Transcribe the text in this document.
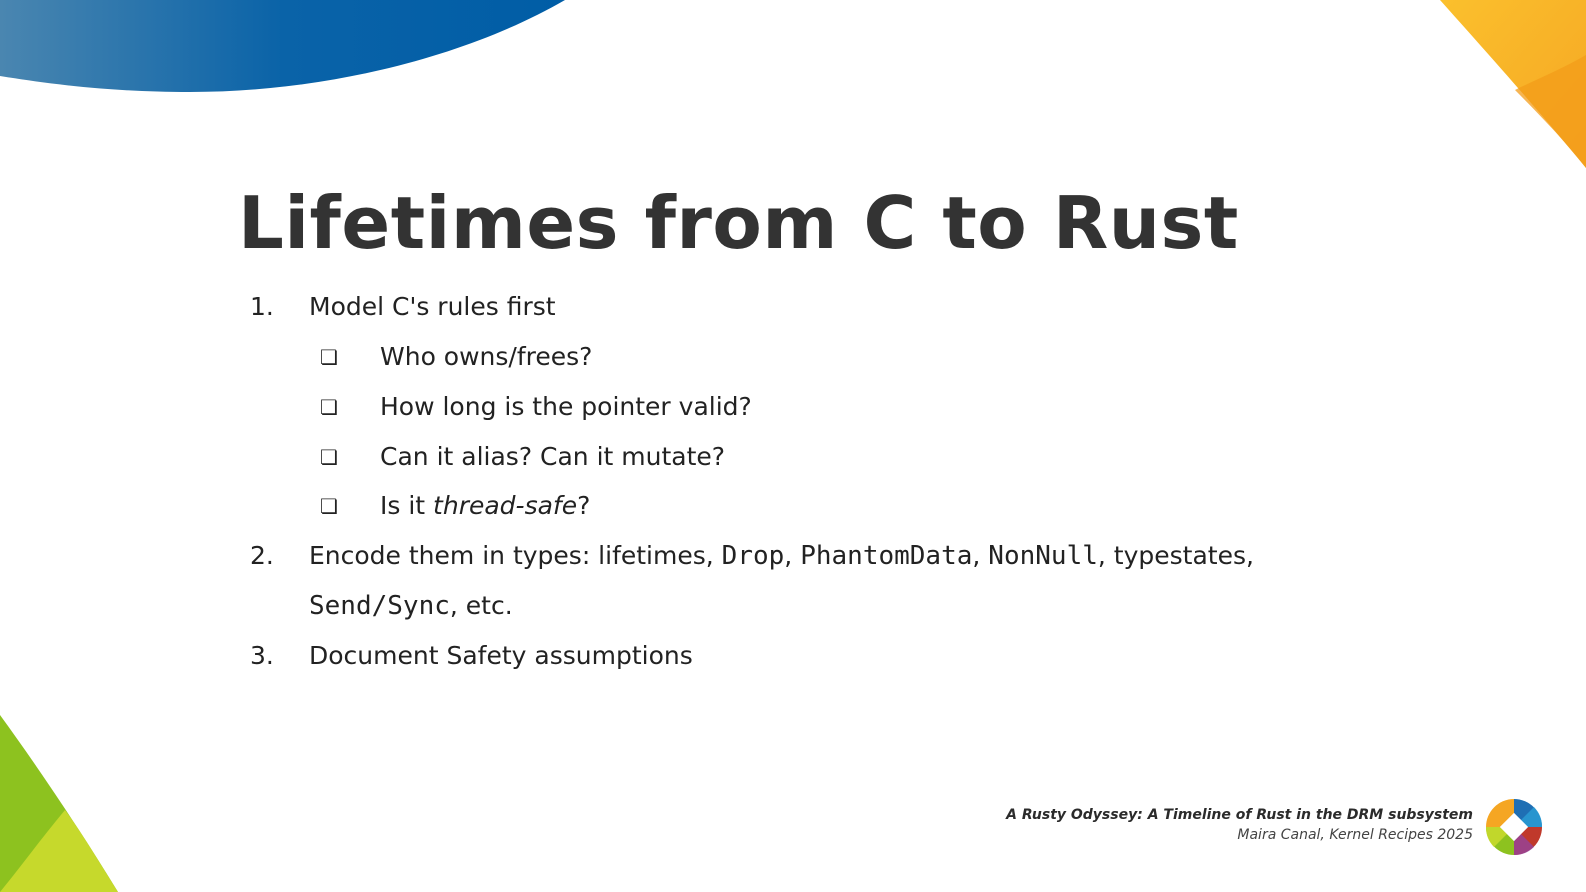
Lifetimes from C to Rust
1. Model C's rules first
❏ Who owns/frees?
❏ How long is the pointer valid?
❏ Can it alias? Can it mutate?
❏ Is it thread-safe?
2. Encode them in types: lifetimes, Drop, PhantomData, NonNull, typestates,
Send/Sync, etc.
3. Document Safety assumptions
A Rusty Odyssey: A Timeline of Rust in the DRM subsystem
Maira Canal, Kernel Recipes 2025
